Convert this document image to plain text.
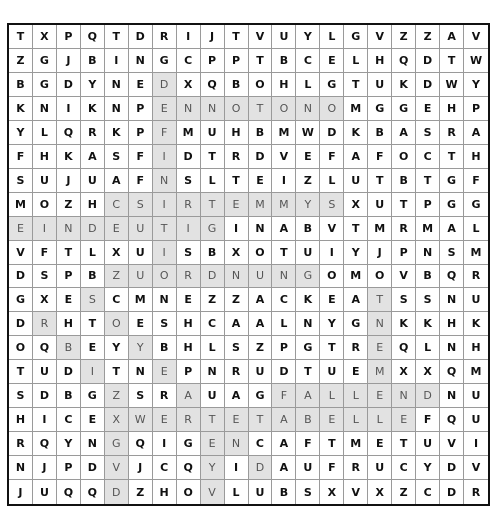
T	X	P	Q	T	D	R	I	J	T	V	U	Y	L	G	V	Z	Z	A	V
Z	G	J	B	I	N	G	C	P	P	T	B	C	E	L	H	Q	D	T	W
B	G	D	Y	N	E	D	X	Q	B	O	H	L	G	T	U	K	D	W	Y
K	N	I	K	N	P	E	N	N	O	T	O	N	O	M	G	G	E	H	P
Y	L	Q	R	K	P	F	M	U	H	B	M	W	D	K	B	A	S	R	A
F	H	K	A	S	F	I	D	T	R	D	V	E	F	A	F	O	C	T	H
S	U	J	U	A	F	N	S	L	T	E	I	Z	L	U	T	B	T	G	F
M	O	Z	H	C	S	I	R	T	E	M	M	Y	S	X	U	T	P	G	G
E	I	N	D	E	U	T	I	G	I	N	A	B	V	T	M	R	M	A	L
V	F	T	L	X	U	I	S	B	X	O	T	U	I	Y	J	P	N	S	M
D	S	P	B	Z	U	O	R	D	N	U	N	G	O	M	O	V	B	Q	R
G	X	E	S	C	M	N	E	Z	Z	A	C	K	E	A	T	S	S	N	U
D	R	H	T	O	E	S	H	C	A	A	L	N	Y	G	N	K	K	H	K
O	Q	B	E	Y	Y	B	H	L	S	Z	P	G	T	R	E	Q	L	N	H
T	U	D	I	T	N	E	P	N	R	U	D	T	U	E	M	X	X	Q	M
S	D	B	G	Z	S	R	A	U	A	G	F	A	L	L	E	N	D	N	U
H	I	C	E	X	W	E	R	T	E	T	A	B	E	L	L	E	F	Q	U
R	Q	Y	N	G	Q	I	G	E	N	C	A	F	T	M	E	T	U	V	I
N	J	P	D	V	J	C	Q	Y	I	D	A	U	F	R	U	C	Y	D	V
J	U	Q	Q	D	Z	H	O	V	L	U	B	S	X	V	X	Z	C	D	R
